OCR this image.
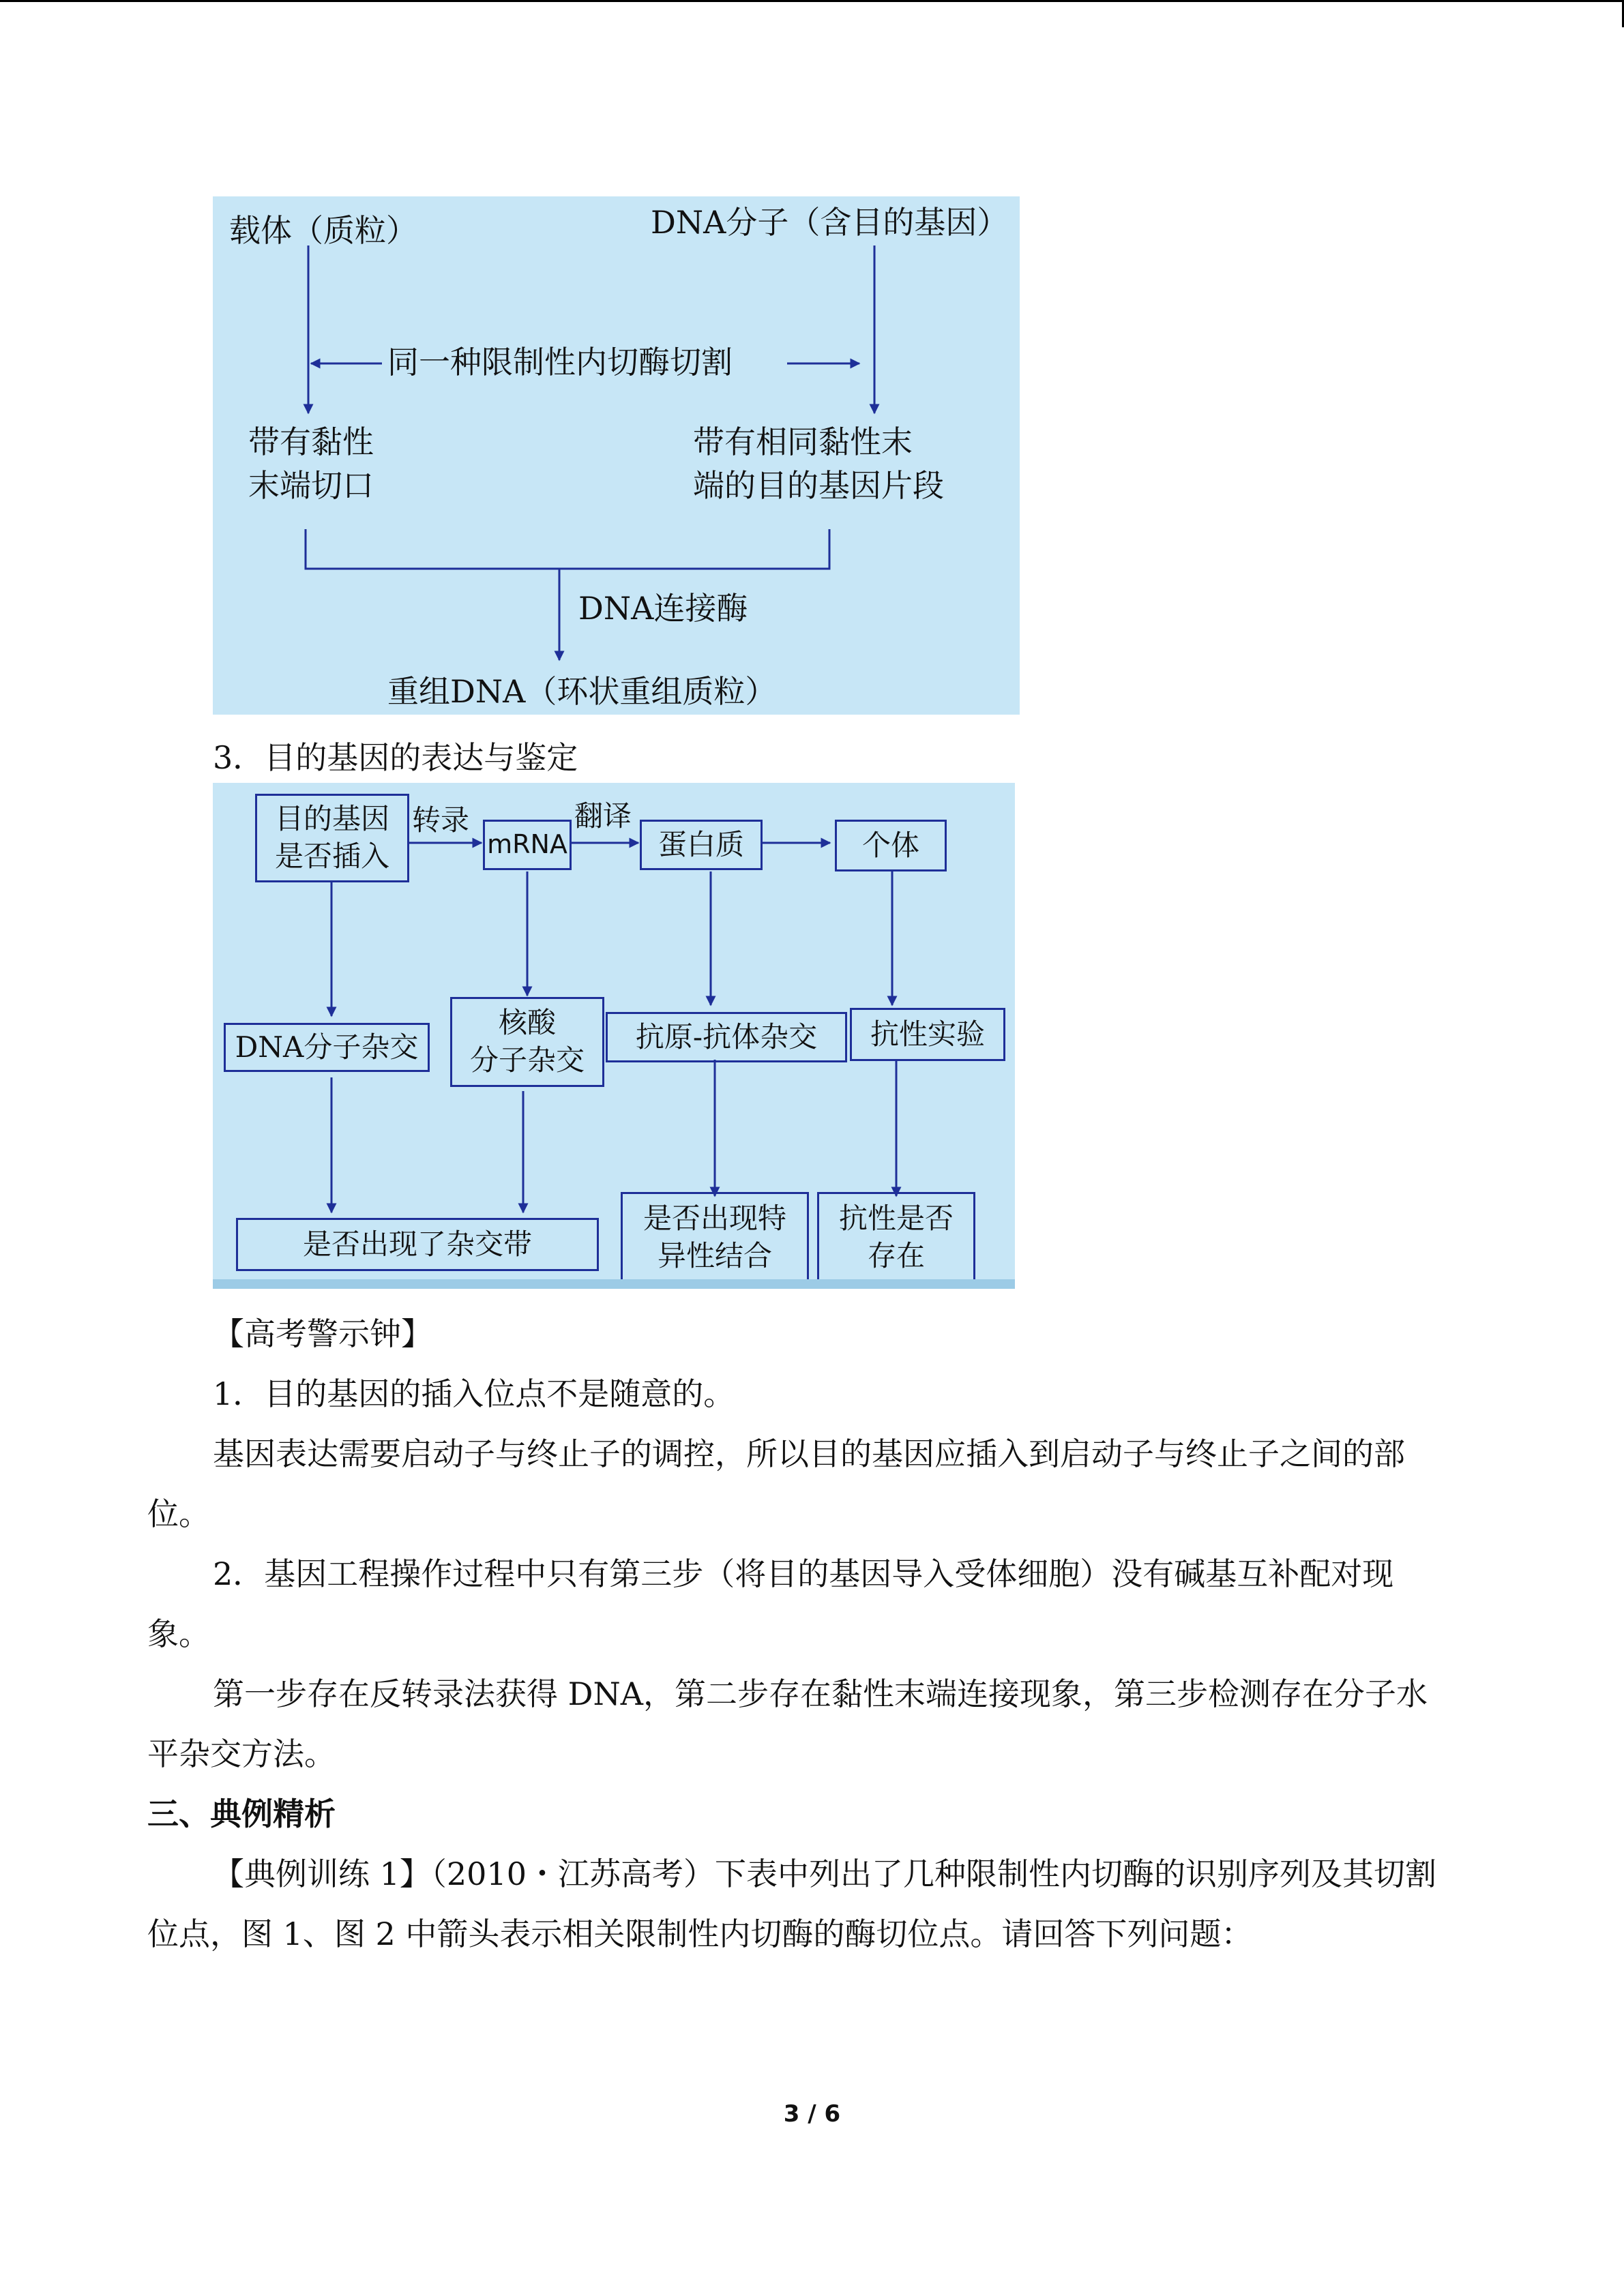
载体（质粒）	DNA分子（含目的基因）
同一种限制性内切酶切割
带有黏性
末端切口
带有相同黏性末
端的目的基因片段
DNA连接酶
重组DNA（环状重组质粒）
3．目的基因的表达与鉴定
目的基因
是否插入
转录
mRNA
翻译
蛋白质	个体
DNA分子杂交
核酸
分子杂交
抗原-抗体杂交	抗性实验
是否出现了杂交带
是否出现特
异性结合
抗性是否
存在
【高考警示钟】
1．目的基因的插入位点不是随意的。
基因表达需要启动子与终止子的调控，所以目的基因应插入到启动子与终止子之间的部
位。
2．基因工程操作过程中只有第三步（将目的基因导入受体细胞）没有碱基互补配对现
象。
第一步存在反转录法获得 DNA，第二步存在黏性末端连接现象，第三步检测存在分子水
平杂交方法。
三、典例精析
【典例训练 1】（2010・江苏高考）下表中列出了几种限制性内切酶的识别序列及其切割
位点，图 1、图 2 中箭头表示相关限制性内切酶的酶切位点。请回答下列问题：
3 / 6
